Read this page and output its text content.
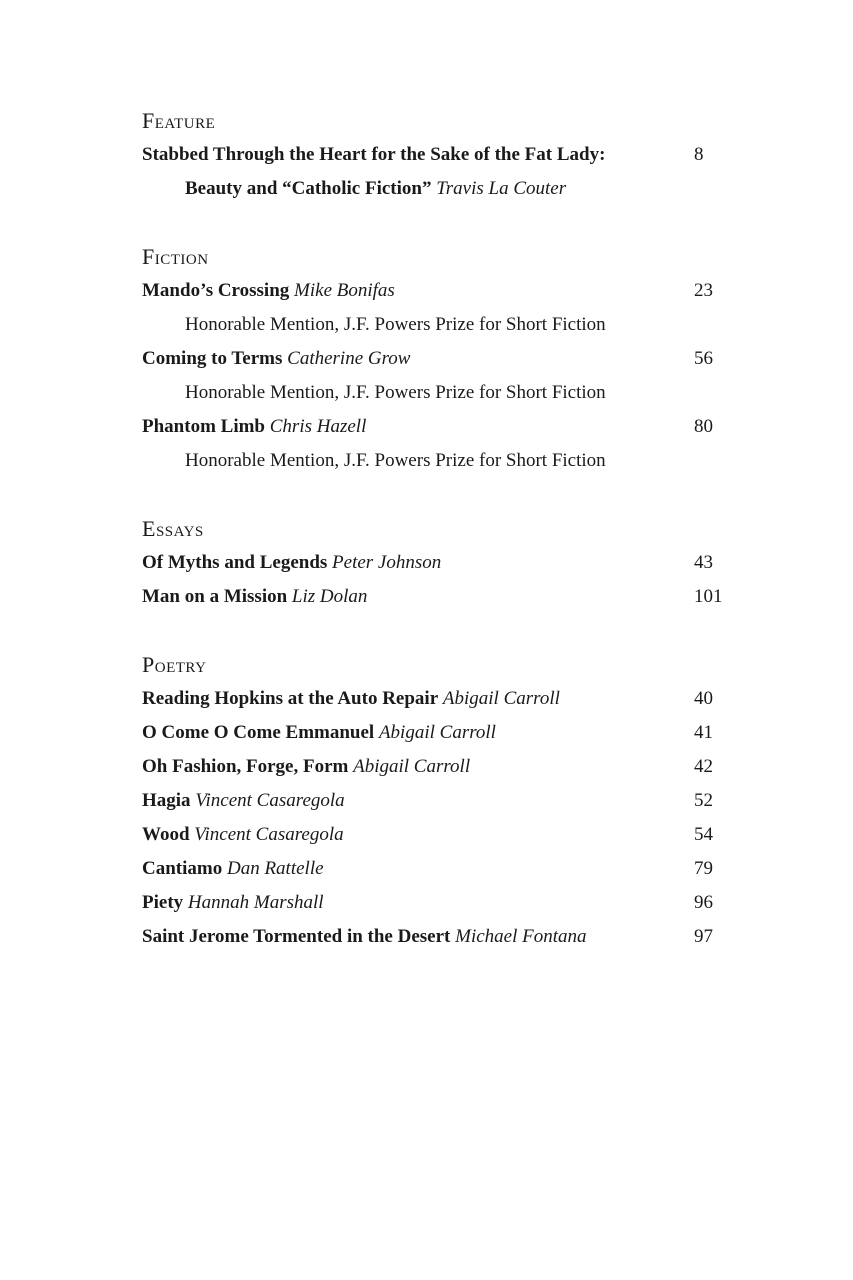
Feature
Stabbed Through the Heart for the Sake of the Fat Lady:	8
Beauty and “Catholic Fiction” Travis La Couter
Fiction
Mando’s Crossing Mike Bonifas	23
Honorable Mention, J.F. Powers Prize for Short Fiction
Coming to Terms Catherine Grow	56
Honorable Mention, J.F. Powers Prize for Short Fiction
Phantom Limb Chris Hazell	80
Honorable Mention, J.F. Powers Prize for Short Fiction
Essays
Of Myths and Legends Peter Johnson	43
Man on a Mission Liz Dolan	101
Poetry
Reading Hopkins at the Auto Repair Abigail Carroll	40
O Come O Come Emmanuel Abigail Carroll	41
Oh Fashion, Forge, Form Abigail Carroll	42
Hagia Vincent Casaregola	52
Wood Vincent Casaregola	54
Cantiamo Dan Rattelle	79
Piety Hannah Marshall	96
Saint Jerome Tormented in the Desert Michael Fontana	97
